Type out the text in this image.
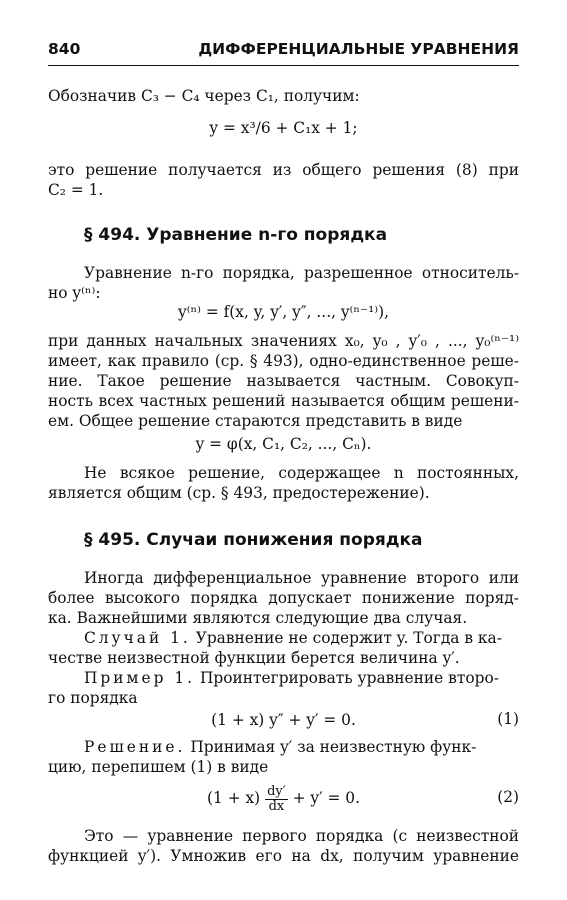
840	ДИФФЕРЕНЦИАЛЬНЫЕ УРАВНЕНИЯ
Обозначив C₃ − C₄ через C₁, получим:
y = x³/6 + C₁x + 1;
это решение получается из общего решения (8) при
C₂ = 1.
§ 494. Уравнение n-го порядка
Уравнение n-го порядка, разрешенное относитель-
но y⁽ⁿ⁾:
y⁽ⁿ⁾ = f(x, y, y′, y″, ..., y⁽ⁿ⁻¹⁾),
при данных начальных значениях x₀, y₀ , y′₀ , ..., y₀⁽ⁿ⁻¹⁾
имеет, как правило (ср. § 493), одно-единственное реше-
ние. Такое решение называется частным. Совокуп-
ность всех частных решений называется общим решени-
ем. Общее решение стараются представить в виде
y = φ(x, C₁, C₂, ..., Cₙ).
Не всякое решение, содержащее n постоянных,
является общим (ср. § 493, предостережение).
§ 495. Случаи понижения порядка
Иногда дифференциальное уравнение второго или
более высокого порядка допускает понижение поряд-
ка. Важнейшими являются следующие два случая.
Случай 1. Уравнение не содержит y. Тогда в ка-
честве неизвестной функции берется величина y′.
Пример 1. Проинтегрировать уравнение второ-
го порядка
(1 + x) y″ + y′ = 0.	(1)
Решение. Принимая y′ за неизвестную функ-
цию, перепишем (1) в виде
$(1 + x) \frac{dy'}{dx} + y' = 0$.	(2)
Это — уравнение первого порядка (с неизвестной
функцией y′). Умножив его на dx, получим уравнение
